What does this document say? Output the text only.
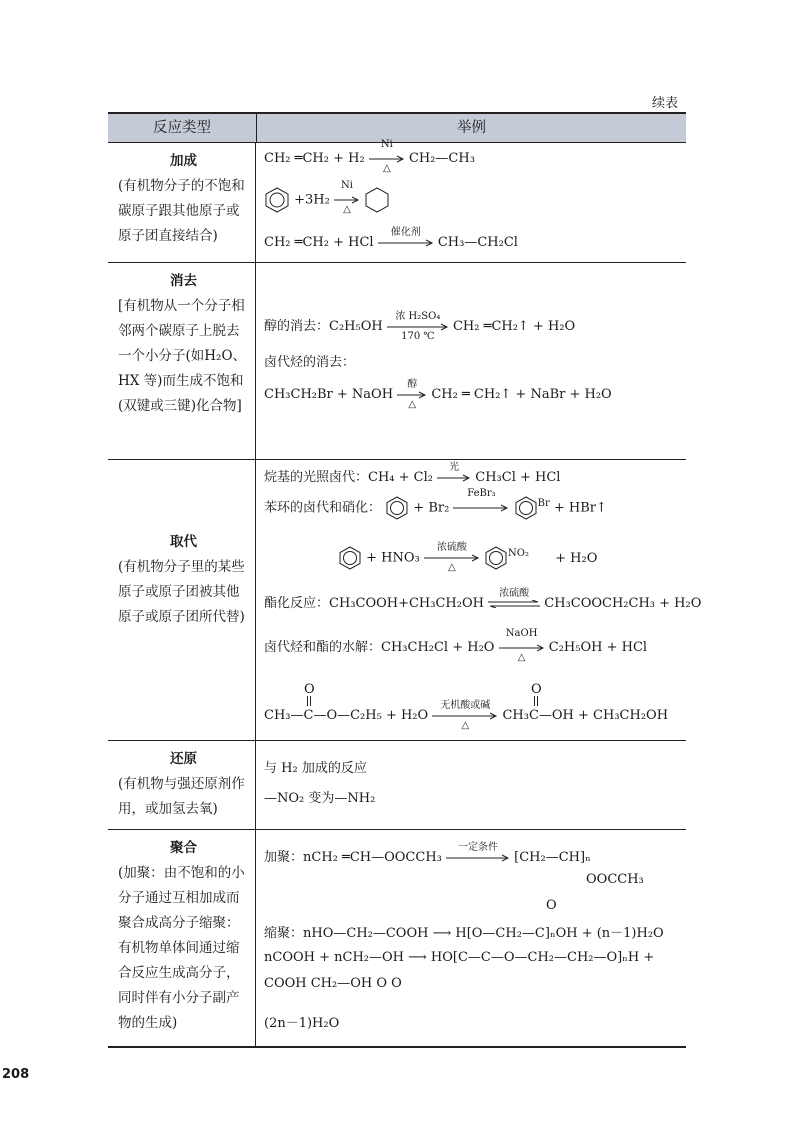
续表
反应类型	举例
加成
(有机物分子的不饱和碳原子跟其他原子或原子团直接结合)
CH₂ ═CH₂ + H₂
Ni
△
CH₂—CH₃
+3H₂
Ni
△

CH₂ ═CH₂ + HCl
催化剂
CH₃—CH₂Cl
消去
[有机物从一个分子相邻两个碳原子上脱去一个小分子(如H₂O、HX 等)而生成不饱和(双键或三键)化合物]
醇的消去：C₂H₅OH
浓 H₂SO₄
170 ℃
CH₂ ═CH₂↑ + H₂O
卤代烃的消去：
CH₃CH₂Br + NaOH
醇
△
CH₂ ═ CH₂↑ + NaBr + H₂O
取代
(有机物分子里的某些原子或原子团被其他原子或原子团所代替)
烷基的光照卤代：CH₄ + Cl₂
光
CH₃Cl + HCl
苯环的卤代和硝化： + Br₂
FeBr₃
$^{Br}$ + HBr↑
+ HNO₃
浓硫酸
△
$^{NO_2}$ + H₂O
酯化反应：CH₃COOH+CH₃CH₂OH
浓硫酸
CH₃COOCH₂CH₃ + H₂O
卤代烃和酯的水解：CH₃CH₂Cl + H₂O
NaOH
△
C₂H₅OH + HCl
O	O
CH₃—C—O—C₂H₅ + H₂O
无机酸或碱
△
CH₃C—OH + CH₃CH₂OH
还原
(有机物与强还原剂作用，或加氢去氧)
与 H₂ 加成的反应
—NO₂ 变为—NH₂
聚合
(加聚：由不饱和的小分子通过互相加成而聚合成高分子缩聚：有机物单体间通过缩合反应生成高分子，同时伴有小分子副产物的生成)
加聚：nCH₂ ═CH—OOCCH₃
一定条件
[CH₂—CH]ₙ
OOCCH₃
O
缩聚：nHO—CH₂—COOH ⟶ H[O—CH₂—C]ₙOH + (n－1)H₂O
nCOOH + nCH₂—OH ⟶ HO[C—C—O—CH₂—CH₂—O]ₙH +
COOH CH₂—OH O O
(2n－1)H₂O
208
